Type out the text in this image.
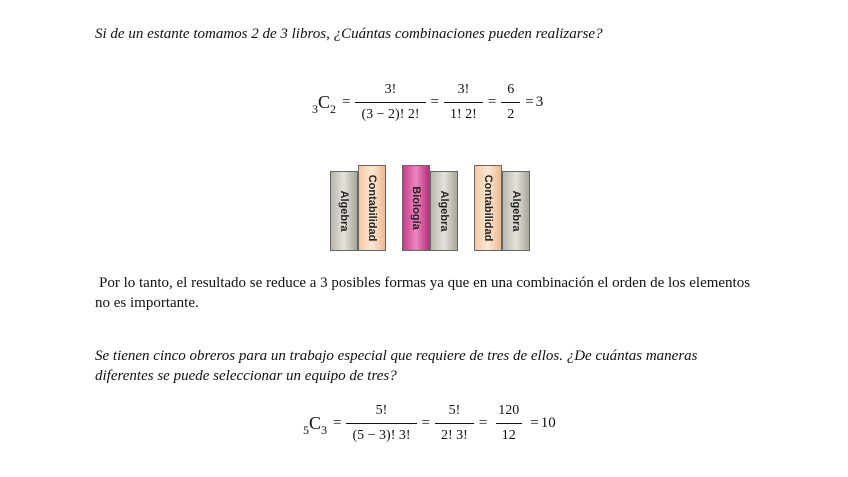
Si de un estante tomamos 2 de 3 libros, ¿Cuántas combinaciones pueden realizarse?
3 C $2 = \frac{3!}{(3 - 2)! 2!} = \frac{3!}{1! 2!} = \frac{6}{2} = 3$
Algebra Contabilidad	Biología Algebra	Contabilidad Algebra
Por lo tanto, el resultado se reduce a 3 posibles formas ya que en una combinación el orden de los elementos no es importante.
Se tienen cinco obreros para un trabajo especial que requiere de tres de ellos. ¿De cuántas maneras diferentes se puede seleccionar un equipo de tres?
5 C $3 = \frac{5!}{(5 - 3)! 3!} = \frac{5!}{2! 3!} = \frac{120}{12} = 10$
